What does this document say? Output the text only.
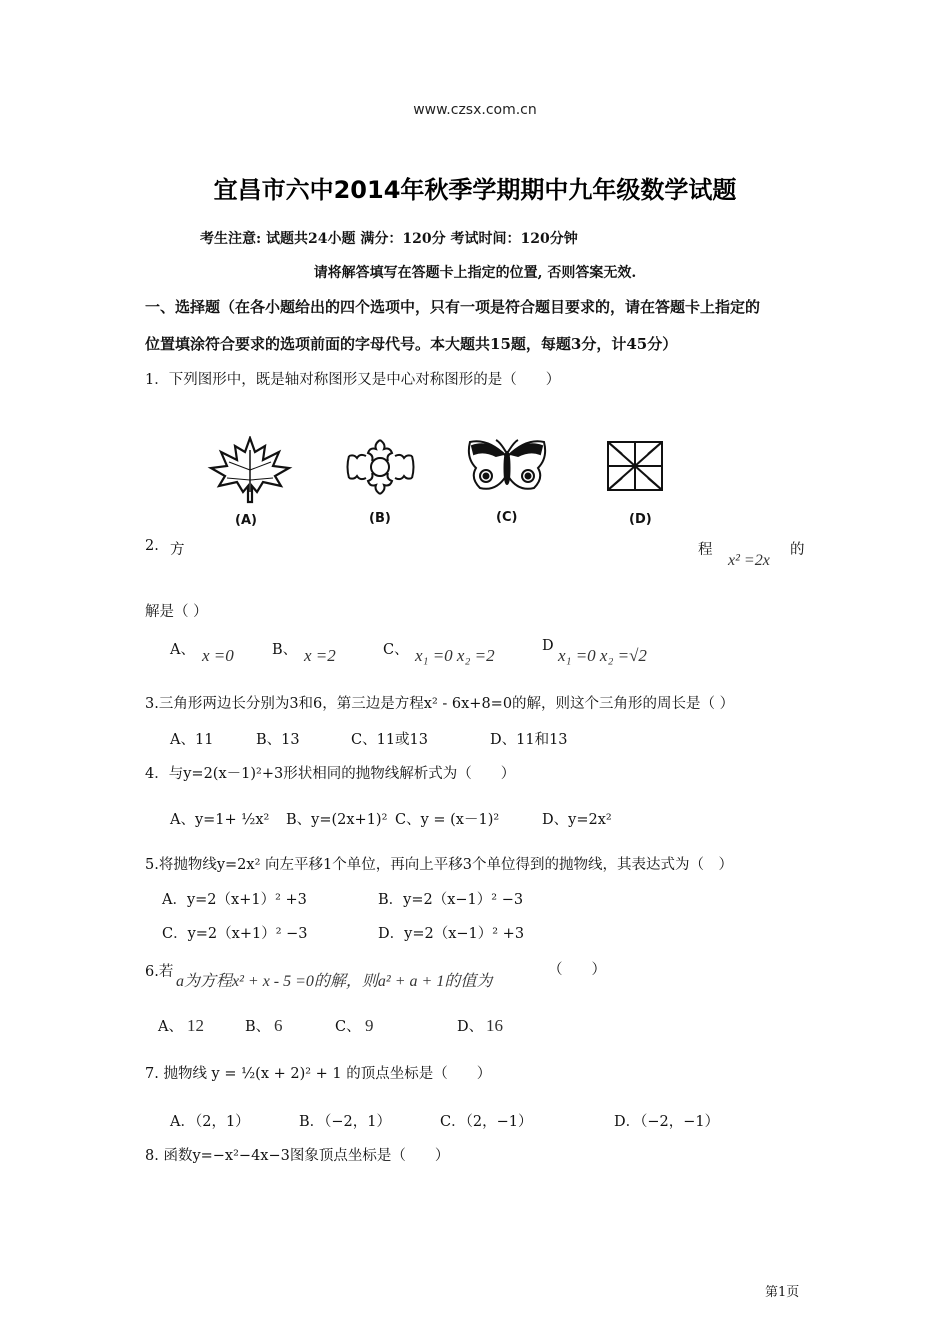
www.czsx.com.cn
宜昌市六中2014年秋季学期期中九年级数学试题
考生注意: 试题共24小题 满分：120分 考试时间：120分钟
请将解答填写在答题卡上指定的位置, 否则答案无效.
一、选择题（在各小题给出的四个选项中，只有一项是符合题目要求的，请在答题卡上指定的
位置填涂符合要求的选项前面的字母代号。本大题共15题，每题3分，计45分）
1．下列图形中，既是轴对称图形又是中心对称图形的是（　　）
(A)	(B)	(C)	(D)
2. 方	程
x² =2x
的
解是（ ）
A、 x =0	B、 x =2	C、 x₁ =0 x₂ =2	D x₁ =0 x₂ =√2
3.三角形两边长分别为3和6，第三边是方程x² - 6x+8=0的解，则这个三角形的周长是（ ）
A、11	B、13	C、11或13	D、11和13
4．与y=2(x－1)²+3形状相同的抛物线解析式为（　　）
A、y=1+ ½x² B、y=(2x+1)² C、y = (x－1)²	D、y=2x²
5.将抛物线y=2x² 向左平移1个单位，再向上平移3个单位得到的抛物线，其表达式为（　）
A．y=2（x+1）² +3	B．y=2（x−1）² −3
C．y=2（x+1）² −3	D．y=2（x−1）² +3
6.若
a为方程x² + x - 5 =0的解，则a² + a + 1的值为
（　　）
A、 12	B、 6	C、 9	D、 16
7. 抛物线 y = ½(x + 2)² + 1 的顶点坐标是（　　）
A．（2，1）	B．（−2，1）	C．（2，−1）	D．（−2，−1）
8. 函数y=−x²−4x−3图象顶点坐标是（　　）
第1页
